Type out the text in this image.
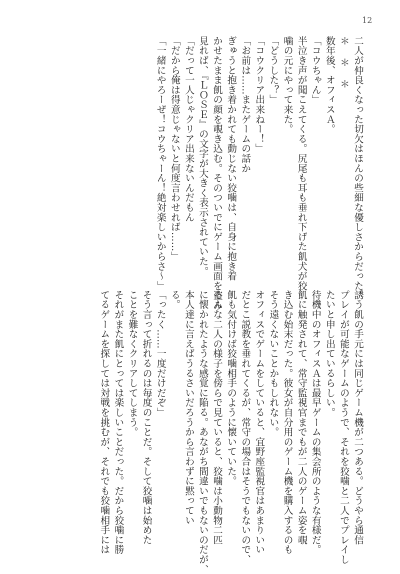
12
二人が仲良くなった切欠はほんの些細な優しさからだった。
＊＊＊
数年後、オフィスＡ。
「コウちゃん」
半泣き声が聞こえてくる。尻尾も耳も垂れ下げた飢犬が狡
噛の元にやって来た。
「どうした？」
「コウクリア出来ねー！」
「お前は……またゲームの話か
ぎゅうと抱き着かれても動じない狡噛は、自身に抱き着
かせたまま飢の顔を覗き込む。そのついでにゲーム画面を盗み
見れば、『ＬＯＳＥ』の文字が大きく表示されていた。
「だって一人じゃクリア出来ないんだもん
「だから俺は得意じゃないと何度言わせれば……」
「一緒にやろーぜ！コウちゃーん！絶対楽しいからさ～」
誘う飢の手元には同じゲーム機が二つある。どうやら通信
プレイが可能なゲームのようで、それを狡噛と二人でプレイし
たいと申し出ているらしい。
待機中のオフィスＡは最早ゲームの集会所のような有様だ。
飢に触発されて、常守監視官までもが二人のゲーム姿を覗
き込む始末だった。彼女が自分用のゲーム機を購入するのも
そう遠くないことかもしれない。
オフィスでゲームをしていると、宜野座監視官はあまりいい
だとこ説教を垂れてくるが、常守の場合はそうでもないので、
飢も気付けば狡噛相手のように懐いていた。
そんな二人の様子を傍らで見ていると、狡噛は小動物二匹
に懐かれたような感覚に陥る。あながち間違いでもないのだが、
本人達に言えばうるさいだろうから言わずに黙ってい
る。
「ったく……一度だけだぞ」
そう言って折れるのは毎度のことだ。そして狡噛は始めた
ことを難なくクリアしてしまう。
それがまた飢にとっては楽しいことだった。だから狡噛に勝
てるゲームを探しては対戦を挑むが、それでも狡噛相手には
